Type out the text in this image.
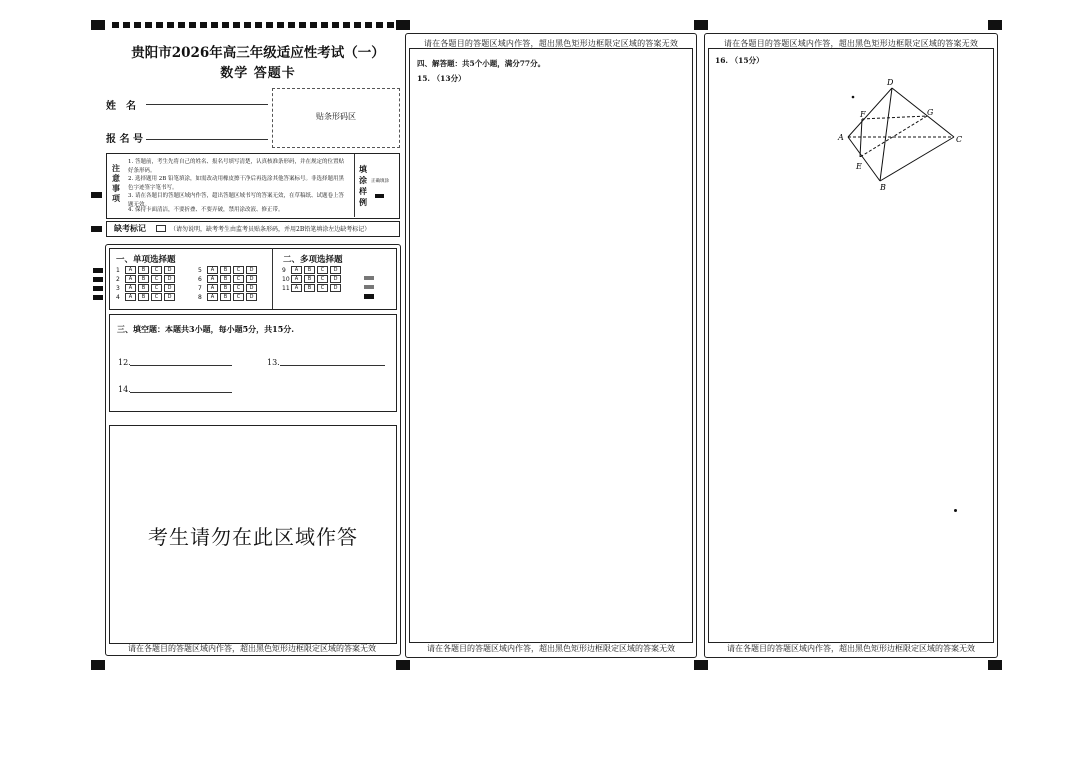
贵阳市2026年高三年级适应性考试（一）
数学 答题卡
姓　名
报 名 号
贴条形码区
注意事项
1. 答题前，考生先将自己的姓名、报名号填写清楚，认真核准条形码，并在规定的位置贴好条形码。
2. 选择题用 2B 铅笔填涂，如需改动用橡皮擦干净后再选涂其他答案标号。非选择题用黑色字迹签字笔书写。
3. 请在各题目的答题区域内作答，超出答题区域书写的答案无效，在草稿纸、试题卷上答题无效。
4. 保持卡面清洁，不要折叠、不要弄破，禁用涂改液、修正带。
填涂样例
正确填涂
缺考标记	（请勿说明，缺考考生由监考员贴条形码，并用2B铅笔填涂左边缺考标记）
一、单项选择题	二、多项选择题
1 A B C D
2 A B C D
3 A B C D
4 A B C D
5 A B C D
6 A B C D
7 A B C D
8 A B C D
9 A B C D
10 A B C D
11 A B C D
三、填空题：本题共3小题，每小题5分，共15分.
12.	13.
14.
考生请勿在此区域作答
请在各题目的答题区域内作答，超出黑色矩形边框限定区域的答案无效
请在各题目的答题区域内作答，超出黑色矩形边框限定区域的答案无效
四、解答题：共5个小题，满分77分。
15. （13分）
请在各题目的答题区域内作答，超出黑色矩形边框限定区域的答案无效
请在各题目的答题区域内作答，超出黑色矩形边框限定区域的答案无效
16. （15分）
D
F	G
A	C
E
B
请在各题目的答题区域内作答，超出黑色矩形边框限定区域的答案无效
